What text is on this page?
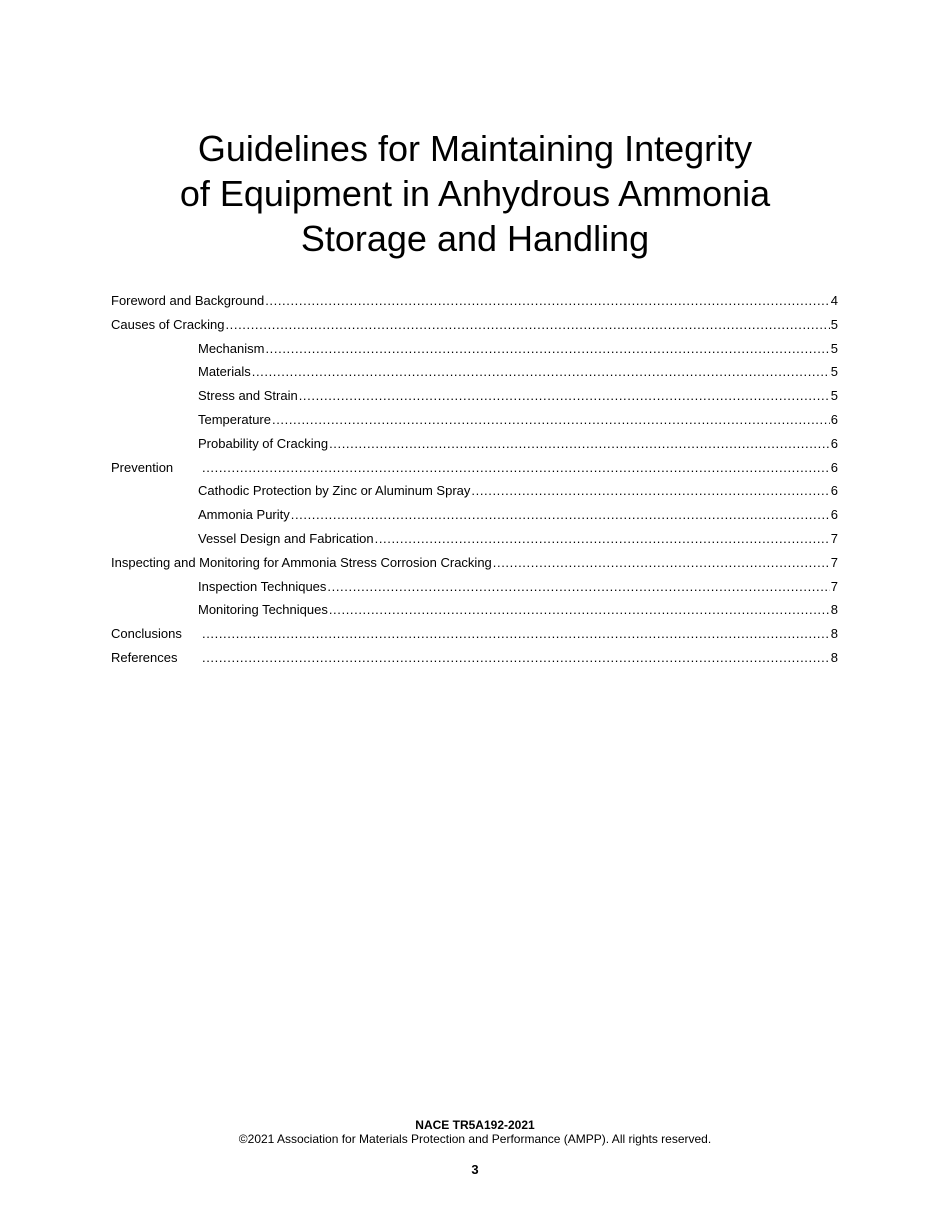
Guidelines for Maintaining Integrity
of Equipment in Anhydrous Ammonia
Storage and Handling
Foreword and Background .....	4
Causes of Cracking .....	5
Mechanism .....	5
Materials .....	5
Stress and Strain .....	5
Temperature .....	6
Probability of Cracking .....	6
Prevention .....	6
Cathodic Protection by Zinc or Aluminum Spray .....	6
Ammonia Purity .....	6
Vessel Design and Fabrication .....	7
Inspecting and Monitoring for Ammonia Stress Corrosion Cracking .....	7
Inspection Techniques .....	7
Monitoring Techniques .....	8
Conclusions .....	8
References .....	8
NACE TR5A192-2021
©2021 Association for Materials Protection and Performance (AMPP). All rights reserved.
3
